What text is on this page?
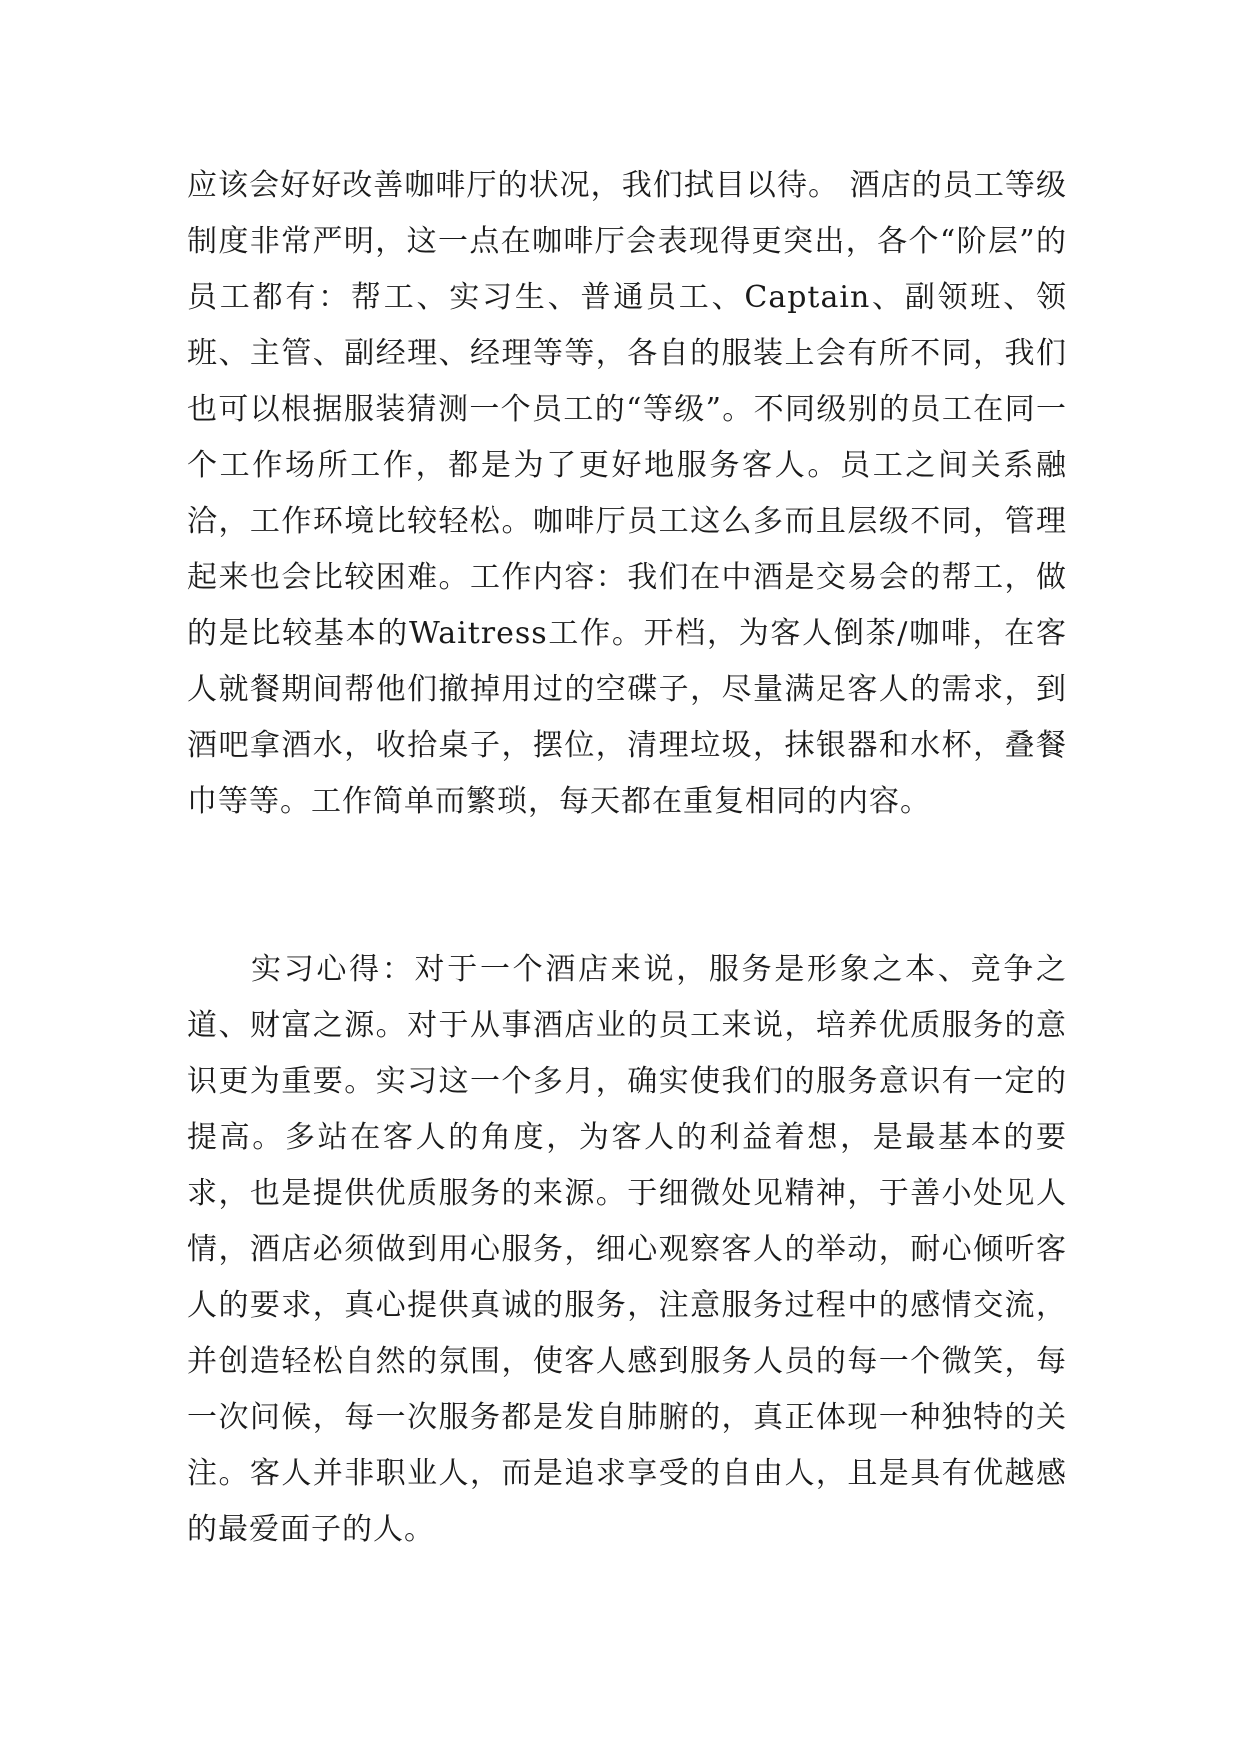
应该会好好改善咖啡厅的状况，我们拭目以待。 酒店的员工等级制度非常严明，这一点在咖啡厅会表现得更突出，各个“阶层”的员工都有：帮工、实习生、普通员工、Captain、副领班、领班、主管、副经理、经理等等，各自的服装上会有所不同，我们也可以根据服装猜测一个员工的“等级”。不同级别的员工在同一个工作场所工作，都是为了更好地服务客人。员工之间关系融洽，工作环境比较轻松。咖啡厅员工这么多而且层级不同，管理起来也会比较困难。工作内容：我们在中酒是交易会的帮工，做的是比较基本的Waitress工作。开档，为客人倒茶/咖啡，在客人就餐期间帮他们撤掉用过的空碟子，尽量满足客人的需求，到酒吧拿酒水，收拾桌子，摆位，清理垃圾，抹银器和水杯，叠餐巾等等。工作简单而繁琐，每天都在重复相同的内容。

实习心得：对于一个酒店来说，服务是形象之本、竞争之道、财富之源。对于从事酒店业的员工来说，培养优质服务的意识更为重要。实习这一个多月，确实使我们的服务意识有一定的提高。多站在客人的角度，为客人的利益着想，是最基本的要求，也是提供优质服务的来源。于细微处见精神，于善小处见人情，酒店必须做到用心服务，细心观察客人的举动，耐心倾听客人的要求，真心提供真诚的服务，注意服务过程中的感情交流，并创造轻松自然的氛围，使客人感到服务人员的每一个微笑，每一次问候，每一次服务都是发自肺腑的，真正体现一种独特的关注。客人并非职业人，而是追求享受的自由人，且是具有优越感的最爱面子的人。
